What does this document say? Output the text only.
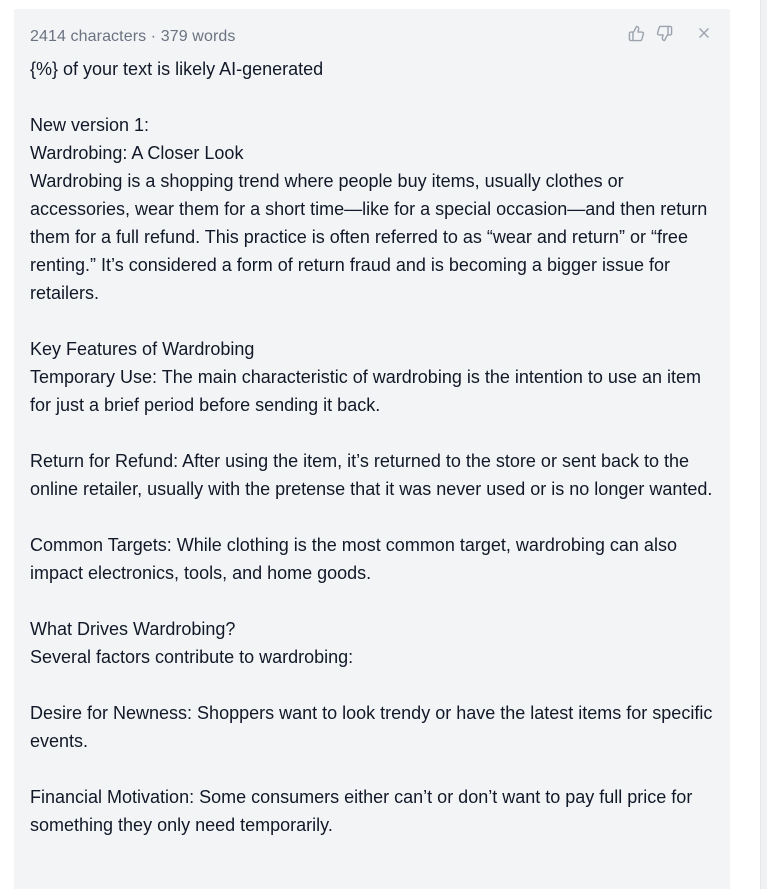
2414 characters · 379 words

{%} of your text is likely AI-generated

New version 1:

Wardrobing: A Closer Look

Wardrobing is a shopping trend where people buy items, usually clothes or accessories, wear them for a short time—like for a special occasion—and then return them for a full refund. This practice is often referred to as “wear and return” or “free renting.” It’s considered a form of return fraud and is becoming a bigger issue for retailers.

Key Features of Wardrobing

Temporary Use: The main characteristic of wardrobing is the intention to use an item for just a brief period before sending it back.

Return for Refund: After using the item, it’s returned to the store or sent back to the online retailer, usually with the pretense that it was never used or is no longer wanted.

Common Targets: While clothing is the most common target, wardrobing can also impact electronics, tools, and home goods.

What Drives Wardrobing?

Several factors contribute to wardrobing:

Desire for Newness: Shoppers want to look trendy or have the latest items for specific events.

Financial Motivation: Some consumers either can’t or don’t want to pay full price for something they only need temporarily.
